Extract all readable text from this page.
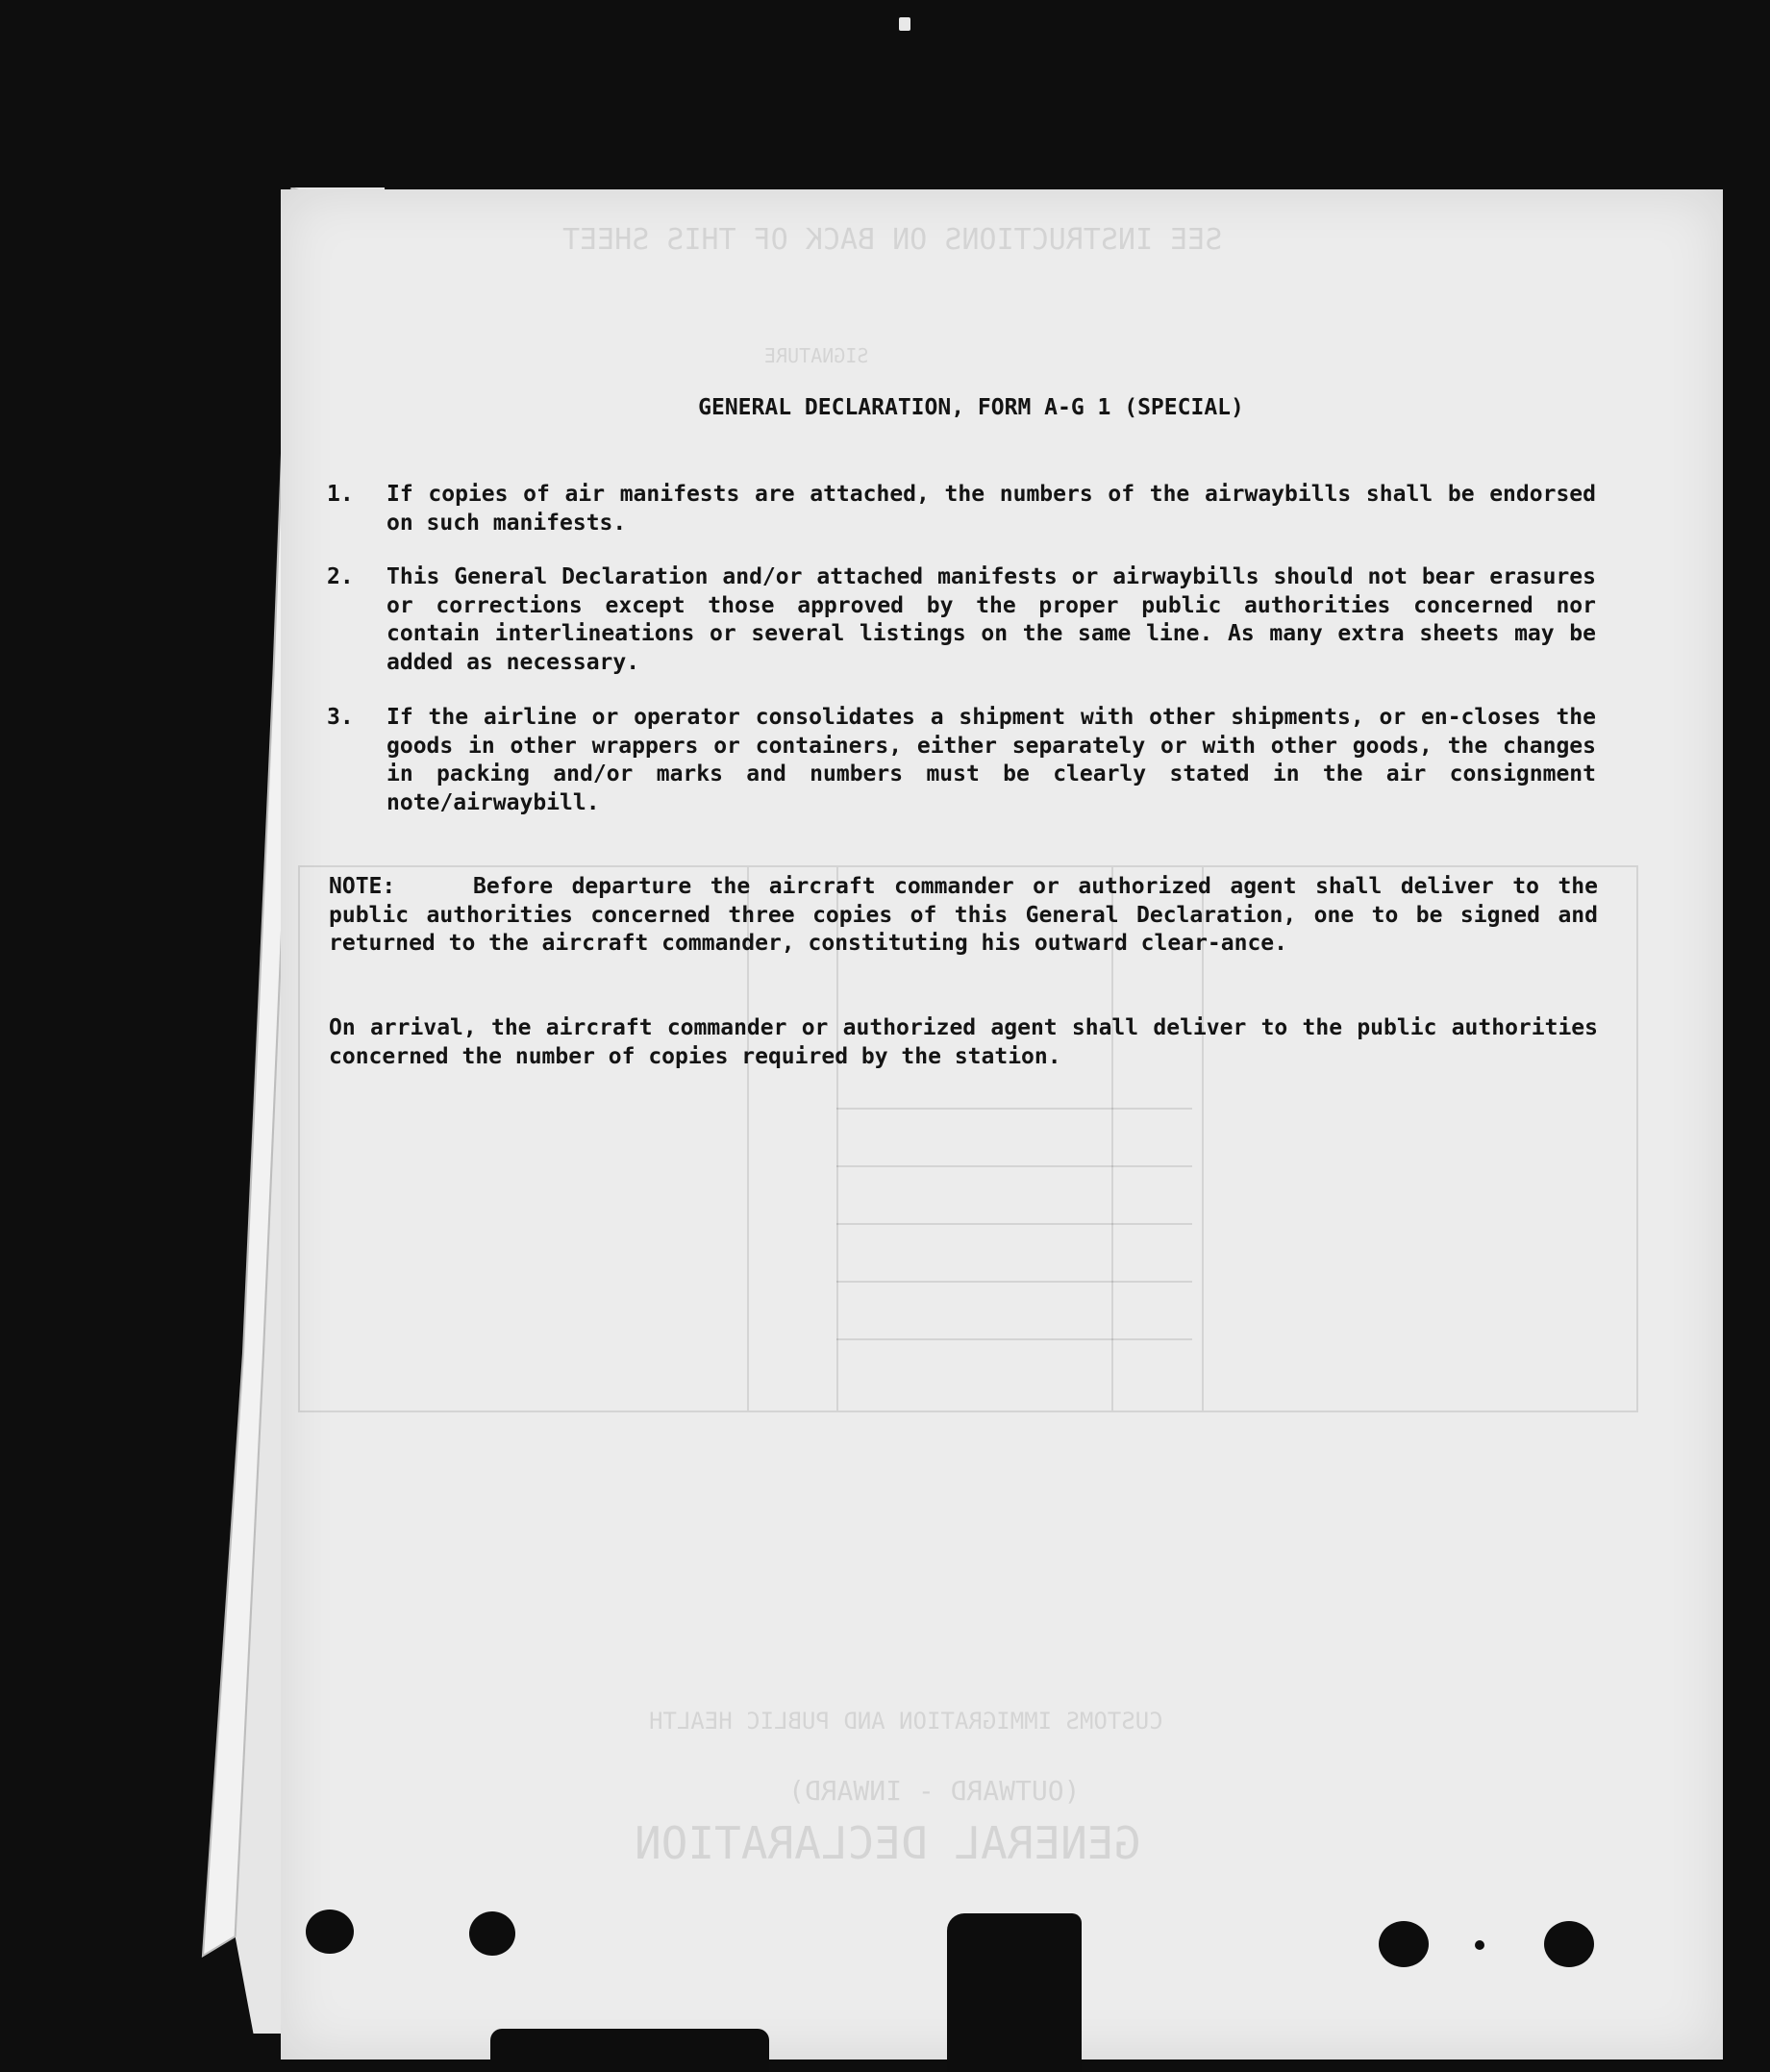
SEE INSTRUCTIONS ON BACK OF THIS SHEET
SIGNATURE
CUSTOMS IMMIGRATION AND PUBLIC HEALTH
(OUTWARD - INWARD)
GENERAL DECLARATION
GENERAL DECLARATION, FORM A-G 1 (SPECIAL)
1.	If copies of air manifests are attached, the numbers of the airwaybills shall be endorsed on such manifests.
2.	This General Declaration and/or attached manifests or airwaybills should not bear erasures or corrections except those approved by the proper public authorities concerned nor contain interlineations or several listings on the same line. As many extra sheets may be added as necessary.
3.	If the airline or operator consolidates a shipment with other shipments, or en-closes the goods in other wrappers or containers, either separately or with other goods, the changes in packing and/or marks and numbers must be clearly stated in the air consignment note/airwaybill.
NOTE:	Before departure the aircraft commander or authorized agent shall deliver to the public authorities concerned three copies of this General Declaration, one to be signed and returned to the aircraft commander, constituting his outward clear-ance.
On arrival, the aircraft commander or authorized agent shall deliver to the public authorities concerned the number of copies required by the station.
